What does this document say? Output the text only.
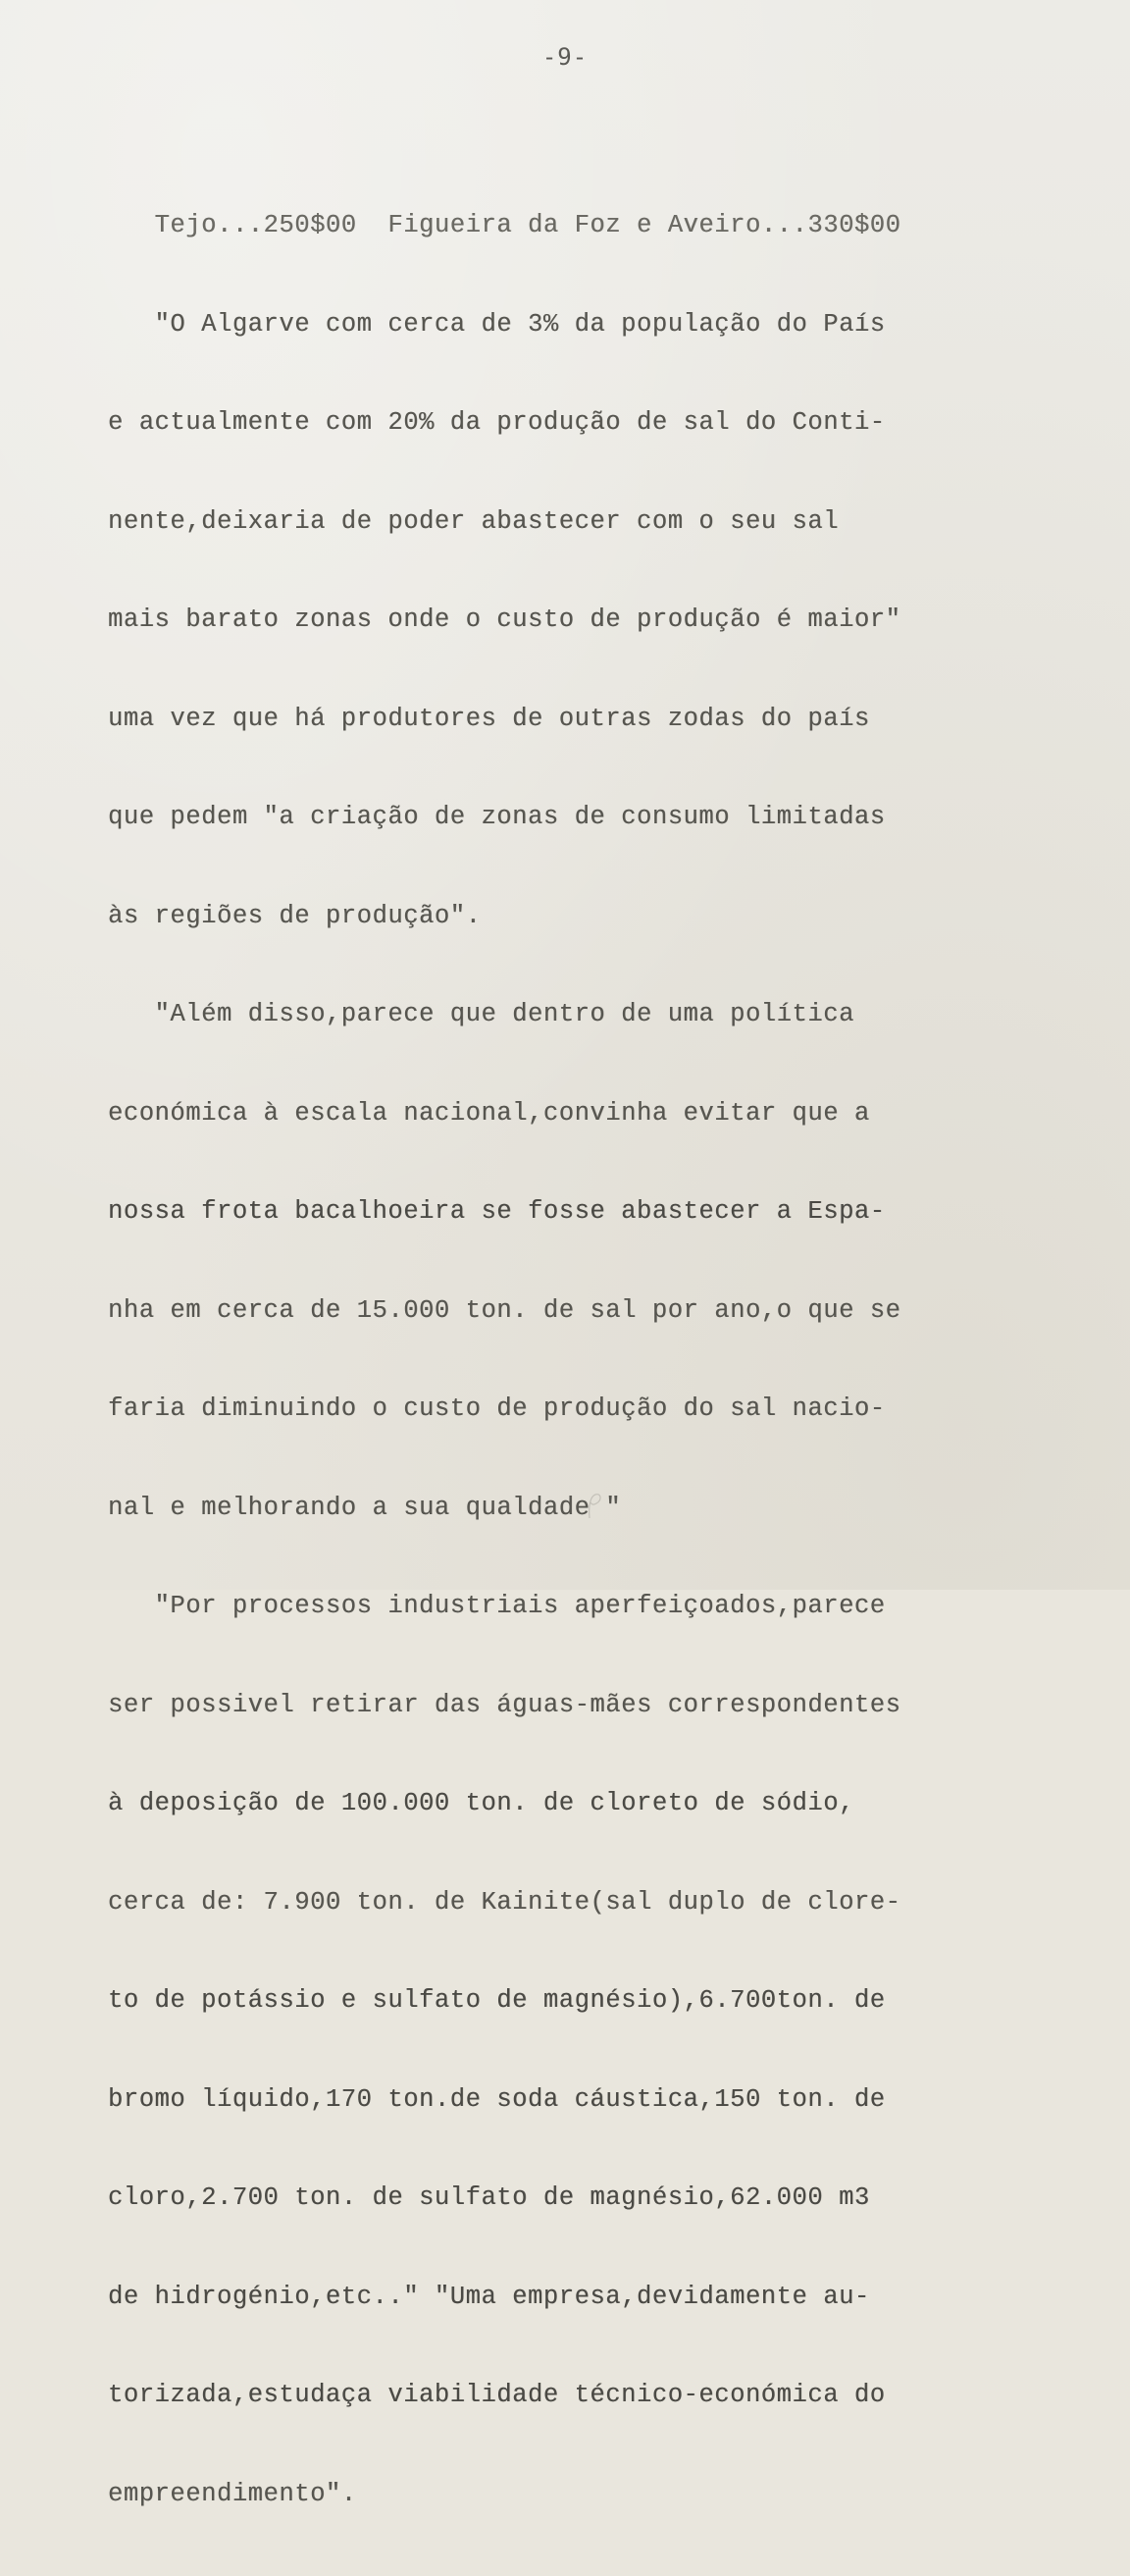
-9-

Tejo...250$00  Figueira da Foz e Aveiro...330$00

"O Algarve com cerca de 3% da população do País

e actualmente com 20% da produção de sal do Conti-

nente,deixaria de poder abastecer com o seu sal

mais barato zonas onde o custo de produção é maior"

uma vez que há produtores de outras zodas do país

que pedem "a criação de zonas de consumo limitadas

às regiões de produção".

"Além disso,parece que dentro de uma política

económica à escala nacional,convinha evitar que a

nossa frota bacalhoeira se fosse abastecer a Espa-

nha em cerca de 15.000 ton. de sal por ano,o que se

faria diminuindo o custo de produção do sal nacio-

nal e melhorando a sua qualdade "

"Por processos industriais aperfeiçoados,parece

ser possivel retirar das águas-mães correspondentes

à deposição de 100.000 ton. de cloreto de sódio,

cerca de: 7.900 ton. de Kainite(sal duplo de clore-

to de potássio e sulfato de magnésio),6.700ton. de

bromo líquido,170 ton.de soda cáustica,150 ton. de

cloro,2.700 ton. de sulfato de magnésio,62.000 m3

de hidrogénio,etc.." "Uma empresa,devidamente au-

torizada,estudaça viabilidade técnico-económica do

empreendimento".
